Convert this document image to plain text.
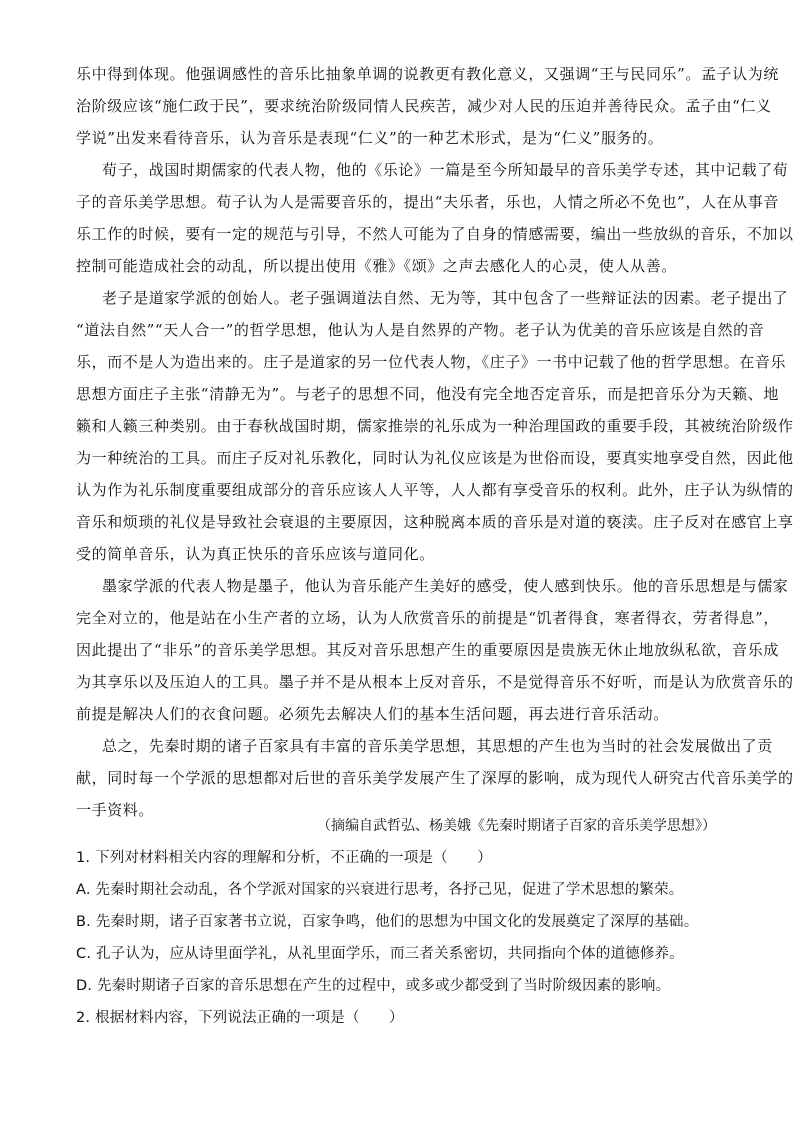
乐中得到体现。他强调感性的音乐比抽象单调的说教更有教化意义，又强调“王与民同乐”。孟子认为统
治阶级应该“施仁政于民”，要求统治阶级同情人民疾苦，减少对人民的压迫并善待民众。孟子由“仁义
学说”出发来看待音乐，认为音乐是表现“仁义”的一种艺术形式，是为“仁义”服务的。
荀子，战国时期儒家的代表人物，他的《乐论》一篇是至今所知最早的音乐美学专述，其中记载了荀
子的音乐美学思想。荀子认为人是需要音乐的，提出“夫乐者，乐也，人情之所必不免也”，人在从事音
乐工作的时候，要有一定的规范与引导，不然人可能为了自身的情感需要，编出一些放纵的音乐，不加以
控制可能造成社会的动乱，所以提出使用《雅》《颂》之声去感化人的心灵，使人从善。
老子是道家学派的创始人。老子强调道法自然、无为等，其中包含了一些辩证法的因素。老子提出了
“道法自然”“天人合一”的哲学思想，他认为人是自然界的产物。老子认为优美的音乐应该是自然的音
乐，而不是人为造出来的。庄子是道家的另一位代表人物，《庄子》一书中记载了他的哲学思想。在音乐
思想方面庄子主张“清静无为”。与老子的思想不同，他没有完全地否定音乐，而是把音乐分为天籁、地
籁和人籁三种类别。由于春秋战国时期，儒家推崇的礼乐成为一种治理国政的重要手段，其被统治阶级作
为一种统治的工具。而庄子反对礼乐教化，同时认为礼仪应该是为世俗而设，要真实地享受自然，因此他
认为作为礼乐制度重要组成部分的音乐应该人人平等，人人都有享受音乐的权利。此外，庄子认为纵情的
音乐和烦琐的礼仪是导致社会衰退的主要原因，这种脱离本质的音乐是对道的亵渎。庄子反对在感官上享
受的简单音乐，认为真正快乐的音乐应该与道同化。
墨家学派的代表人物是墨子，他认为音乐能产生美好的感受，使人感到快乐。他的音乐思想是与儒家
完全对立的，他是站在小生产者的立场，认为人欣赏音乐的前提是“饥者得食，寒者得衣，劳者得息”，
因此提出了“非乐”的音乐美学思想。其反对音乐思想产生的重要原因是贵族无休止地放纵私欲，音乐成
为其享乐以及压迫人的工具。墨子并不是从根本上反对音乐，不是觉得音乐不好听，而是认为欣赏音乐的
前提是解决人们的衣食问题。必须先去解决人们的基本生活问题，再去进行音乐活动。
总之，先秦时期的诸子百家具有丰富的音乐美学思想，其思想的产生也为当时的社会发展做出了贡
献，同时每一个学派的思想都对后世的音乐美学发展产生了深厚的影响，成为现代人研究古代音乐美学的
一手资料。
（摘编自武哲弘、杨美娥《先秦时期诸子百家的音乐美学思想》）
1. 下列对材料相关内容的理解和分析，不正确的一项是（　　）
A. 先秦时期社会动乱，各个学派对国家的兴衰进行思考，各抒己见，促进了学术思想的繁荣。
B. 先秦时期，诸子百家著书立说，百家争鸣，他们的思想为中国文化的发展奠定了深厚的基础。
C. 孔子认为，应从诗里面学礼，从礼里面学乐，而三者关系密切，共同指向个体的道德修养。
D. 先秦时期诸子百家的音乐思想在产生的过程中，或多或少都受到了当时阶级因素的影响。
2. 根据材料内容，下列说法正确的一项是（　　）
